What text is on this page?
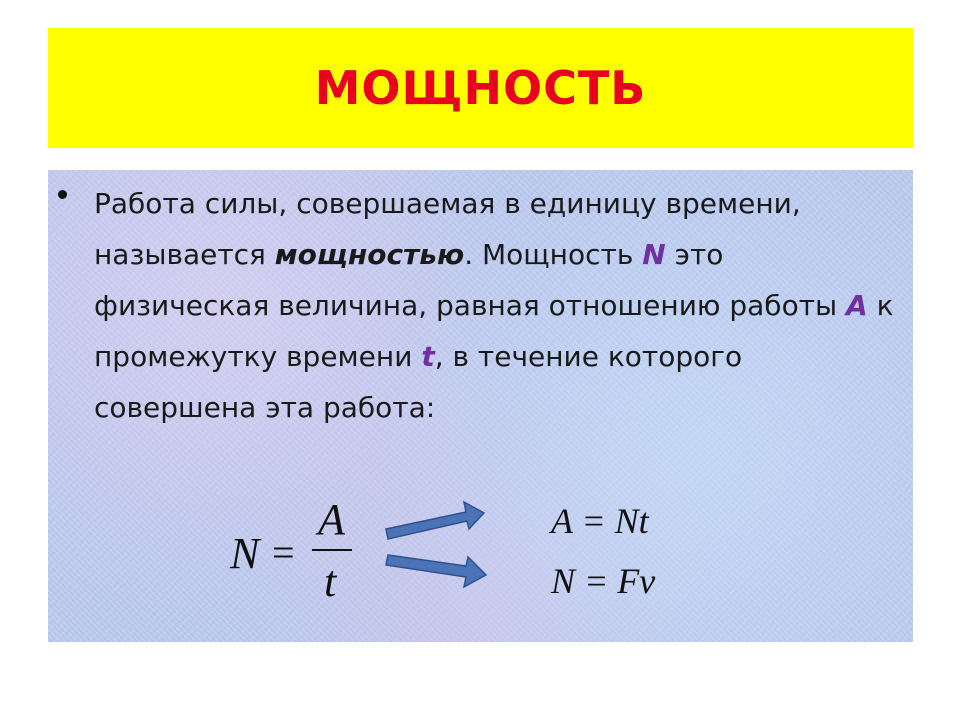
МОЩНОСТЬ

Работа силы, совершаемая в единицу времени, называется мощностью. Мощность N это физическая величина, равная отношению работы A к промежутку времени t, в течение которого совершена эта работа:

N =
A
t
A = Nt
N = Fv
